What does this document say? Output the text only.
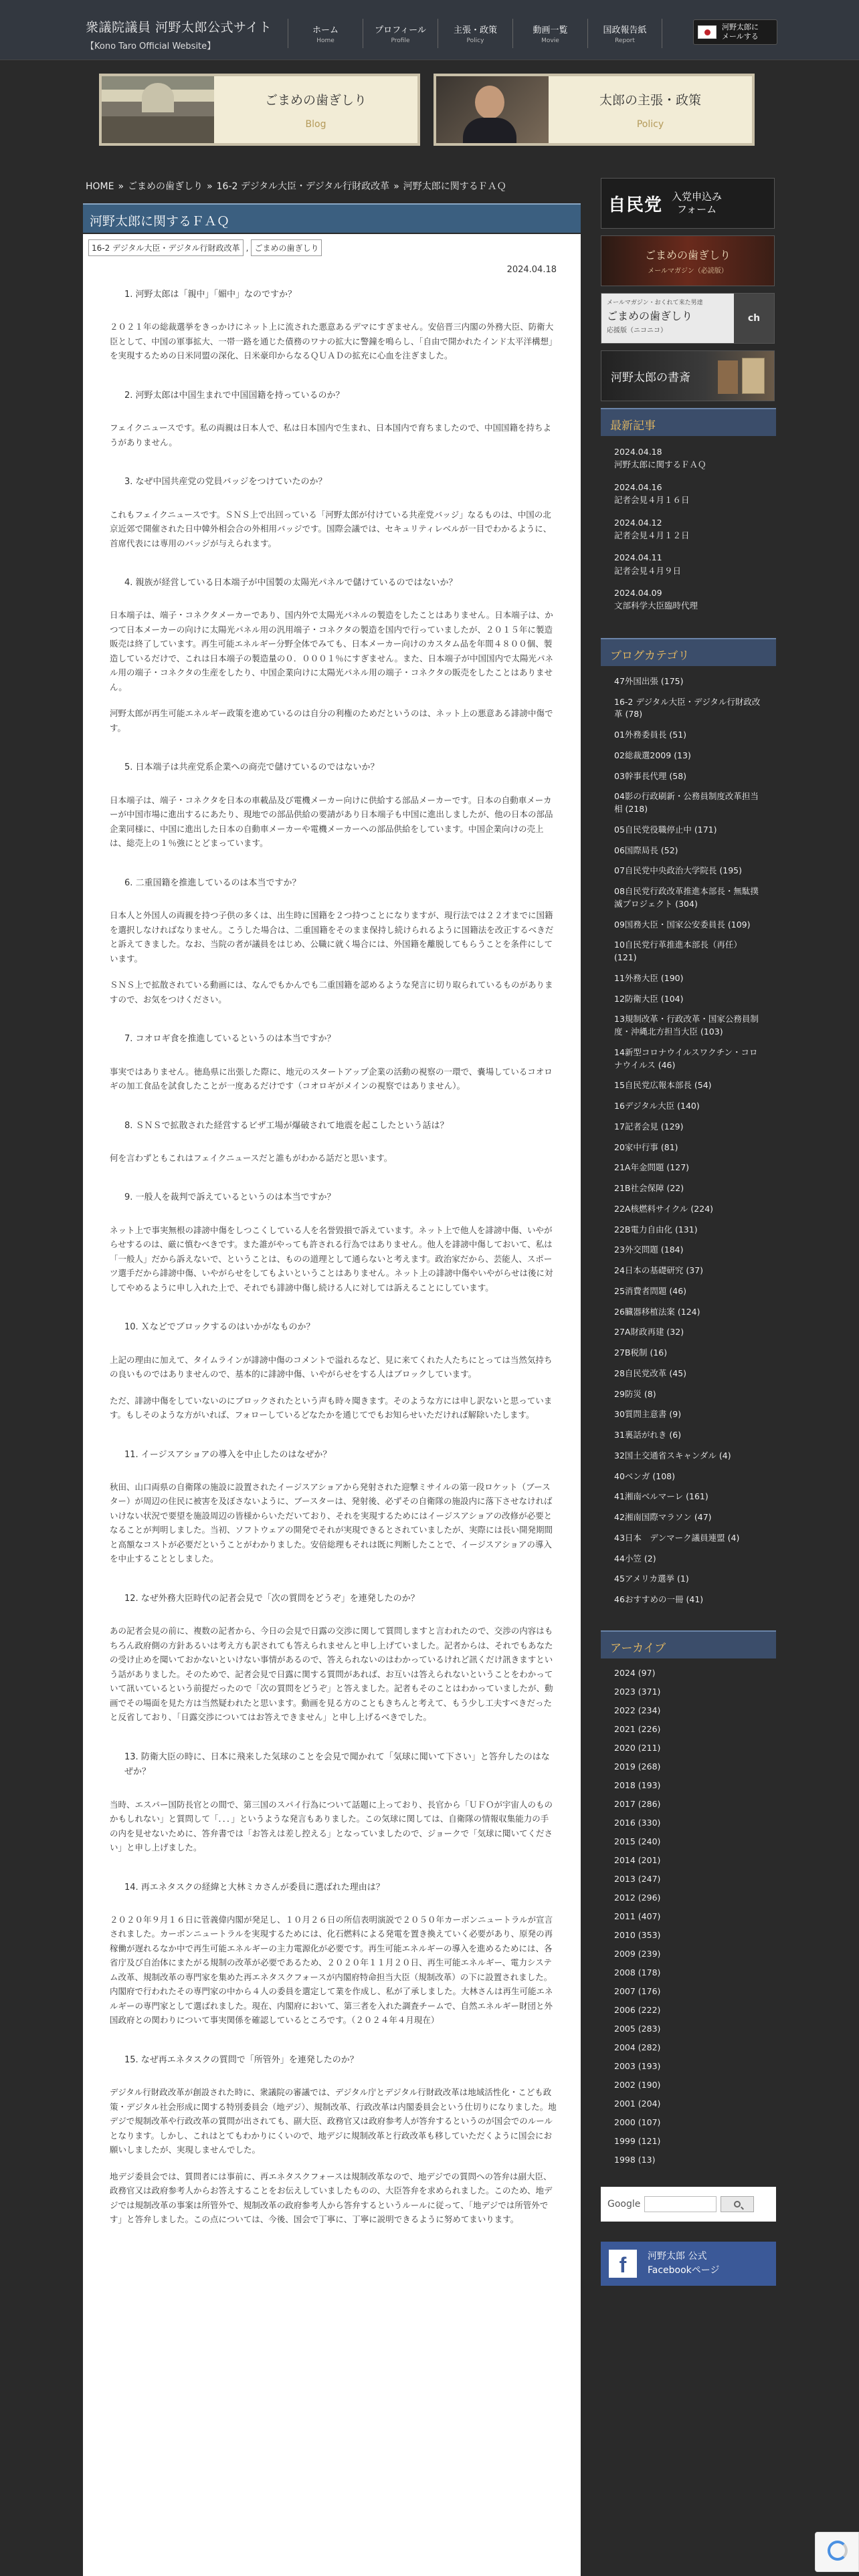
衆議院議員 河野太郎公式サイト
【Kono Taro Official Website】
ホーム
Home
プロフィール
Profile
主張・政策
Policy
動画一覧
Movie
国政報告紙
Report
河野太郎に
メールする
ごまめの歯ぎしり
Blog
太郎の主張・政策
Policy
HOME » ごまめの歯ぎしり » 16-2 デジタル大臣・デジタル行財政改革 » 河野太郎に関するＦＡＱ
河野太郎に関するＦＡＱ
16-2 デジタル大臣・デジタル行財政改革 , ごまめの歯ぎしり
2024.04.18
1. 河野太郎は「親中」「媚中」なのですか？

２０２１年の総裁選挙をきっかけにネット上に流された悪意あるデマにすぎません。安倍晋三内閣の外務大臣、防衛大臣として、中国の軍事拡大、一帯一路を通じた債務のワナの拡大に警鐘を鳴らし、「自由で開かれたインド太平洋構想」を実現するための日米同盟の深化、日米豪印からなるＱＵＡＤの拡充に心血を注ぎました。

2. 河野太郎は中国生まれで中国国籍を持っているのか？

フェイクニュースです。私の両親は日本人で、私は日本国内で生まれ、日本国内で育ちましたので、中国国籍を持ちようがありません。

3. なぜ中国共産党の党員バッジをつけていたのか？

これもフェイクニュースです。ＳＮＳ上で出回っている「河野太郎が付けている共産党バッジ」なるものは、中国の北京近郊で開催された日中韓外相会合の外相用バッジです。国際会議では、セキュリティレベルが一目でわかるように、首席代表には専用のバッジが与えられます。

4. 親族が経営している日本端子が中国製の太陽光パネルで儲けているのではないか？

日本端子は、端子・コネクタメーカーであり、国内外で太陽光パネルの製造をしたことはありません。日本端子は、かつて日本メーカーの向けに太陽光パネル用の汎用端子・コネクタの製造を国内で行っていましたが、２０１５年に製造販売は終了しています。再生可能エネルギー分野全体でみても、日本メーカー向けのカスタム品を年間４８００個、製造しているだけで、これは日本端子の製造量の０．０００１％にすぎません。また、日本端子が中国国内で太陽光パネル用の端子・コネクタの生産をしたり、中国企業向けに太陽光パネル用の端子・コネクタの販売をしたことはありません。

河野太郎が再生可能エネルギー政策を進めているのは自分の利権のためだというのは、ネット上の悪意ある誹謗中傷です。

5. 日本端子は共産党系企業への商売で儲けているのではないか？

日本端子は、端子・コネクタを日本の車載品及び電機メーカー向けに供給する部品メーカーです。日本の自動車メーカーが中国市場に進出するにあたり、現地での部品供給の要請があり日本端子も中国に進出しましたが、他の日本の部品企業同様に、中国に進出した日本の自動車メーカーや電機メーカーへの部品供給をしています。中国企業向けの売上は、総売上の１％強にとどまっています。

6. 二重国籍を推進しているのは本当ですか？

日本人と外国人の両親を持つ子供の多くは、出生時に国籍を２つ持つことになりますが、現行法では２２才までに国籍を選択しなければなりません。こうした場合は、二重国籍をそのまま保持し続けられるように国籍法を改正するべきだと訴えてきました。なお、当院の者が議員をはじめ、公職に就く場合には、外国籍を離脱してもらうことを条件にしています。

ＳＮＳ上で拡散されている動画には、なんでもかんでも二重国籍を認めるような発言に切り取られているものがありますので、お気をつけください。

7. コオロギ食を推進しているというのは本当ですか？

事実ではありません。徳島県に出張した際に、地元のスタートアップ企業の活動の視察の一環で、嚢場しているコオロギの加工食品を試食したことが一度あるだけです（コオロギがメインの視察ではありません）。

8. ＳＮＳで拡散された経営するビザ工場が爆破されて地震を起こしたという話は？

何を言わずともこれはフェイクニュースだと誰もがわかる話だと思います。

9. 一般人を裁判で訴えているというのは本当ですか？

ネット上で事実無根の誹謗中傷をしつこくしている人を名誉毀損で訴えています。ネット上で他人を誹謗中傷、いやがらせするのは、厳に慎むべきです。また誰がやっても許される行為ではありません。他人を誹謗中傷しておいて、私は「一般人」だから訴えないで、ということは、ものの道理として通らないと考えます。政治家だから、芸能人、スポーツ選手だから誹謗中傷、いやがらせをしてもよいということはありません。ネット上の誹謗中傷やいやがらせは後に対してやめるように申し入れた上で、それでも誹謗中傷し続ける人に対しては訴えることにしています。

10. Ｘなどでブロックするのはいかがなものか？

上記の理由に加えて、タイムラインが誹謗中傷のコメントで溢れるなど、見に来てくれた人たちにとっては当然気持ちの良いものではありませんので、基本的に誹謗中傷、いやがらせをする人はブロックしています。

ただ、誹謗中傷をしていないのにブロックされたという声も時々聞きます。そのような方には申し訳ないと思っています。もしそのような方がいれば、フォローしているどなたかを通じてでもお知らせいただければ解除いたします。

11. イージスアショアの導入を中止したのはなぜか？

秋田、山口両県の自衛隊の施設に設置されたイージスアショアから発射された迎撃ミサイルの第一段ロケット（ブースター）が周辺の住民に被害を及ぼさないように、ブースターは、発射後、必ずその自衛隊の施設内に落下させなければいけない状況で要望を施設周辺の皆様からいただいており、それを実現するためにはイージスアショアの改修が必要となることが判明しました。当初、ソフトウェアの開発でそれが実現できるとされていましたが、実際には長い開発期間と高額なコストが必要だということがわかりました。安倍総理もそれは既に判断したことで、イージスアショアの導入を中止することとしました。

12. なぜ外務大臣時代の記者会見で「次の質問をどうぞ」を連発したのか？

あの記者会見の前に、複数の記者から、今日の会見で日露の交渉に関して質問しますと言われたので、交渉の内容はもちろん政府側の方針あるいは考え方も訳されても答えられませんと申し上げていました。記者からは、それでもあなたの受け止めを聞いておかないといけない事情があるので、答えられないのはわかっているけれど訊くだけ訊きますという話がありました。そのためで、記者会見で日露に関する質問があれば、お互いは答えられないということをわかっていて訊いているという前提だったので「次の質問をどうぞ」と答えました。記者もそのことはわかっていましたが、動画でその場面を見た方は当然疑われたと思います。動画を見る方のこともきちんと考えて、もう少し工夫すべきだったと反省しており、「日露交渉についてはお答えできません」と申し上げるべきでした。

13. 防衛大臣の時に、日本に飛来した気球のことを会見で聞かれて「気球に聞いて下さい」と答弁したのはなぜか？

当時、エスパー国防長官との間で、第三国のスパイ行為について話題に上っており、長官から「ＵＦＯが宇宙人のものかもしれない」と質問して「．．．」というような発言もありました。この気球に関しては、自衛隊の情報収集能力の手の内を見せないために、答弁書では「お答えは差し控える」となっていましたので、ジョークで「気球に聞いてください」と申し上げました。

14. 再エネタスクの経緯と大林ミカさんが委員に選ばれた理由は？

２０２０年９月１６日に菅義偉内閣が発足し、１０月２６日の所信表明演説で２０５０年カーボンニュートラルが宣言されました。カーボンニュートラルを実現するためには、化石燃料による発電を置き換えていく必要があり、原発の再稼働が遅れるなか中で再生可能エネルギーの主力電源化が必要です。再生可能エネルギーの導入を進めるためには、各省庁及び自治体にまたがる規制の改革が必要であるため、２０２０年１１月２０日、再生可能エネルギー、電力システム改革、規制改革の専門家を集めた再エネタスクフォースが内閣府特命担当大臣（規制改革）の下に設置されました。内閣府で行われたその専門家の中から４人の委員を選定して業を作成し、私が了承しました。大林さんは再生可能エネルギーの専門家として選ばれました。現在、内閣府において、第三者を入れた調査チームで、自然エネルギー財団と外国政府との関わりについて事実関係を確認しているところです。（２０２４年４月現在）

15. なぜ再エネタスクの質問で「所管外」を連発したのか？

デジタル行財政改革が創設された時に、衆議院の審議では、デジタル庁とデジタル行財政改革は地域活性化・こども政策・デジタル社会形成に関する特別委員会（地デジ）、規制改革、行政改革は内閣委員会という仕切りになりました。地デジで規制改革や行政改革の質問が出されても、副大臣、政務官又は政府参考人が答弁するというのが国会でのルールとなります。しかし、これはとてもわかりにくいので、地デジに規制改革と行政改革も移していただくように国会にお願いしましたが、実現しませんでした。

地デジ委員会では、質問者には事前に、再エネタスクフォースは規制改革なので、地デジでの質問への答弁は副大臣、政務官又は政府参考人からお答えすることをお伝えしていましたものの、大臣答弁を求められました。このため、地デジでは規制改革の事案は所管外で、規制改革の政府参考人から答弁するというルールに従って、「地デジでは所管外です」と答弁しました。この点については、今後、国会で丁寧に、丁寧に説明できるように努めてまいります。

自民党 入党申込み
フォーム
ごまめの歯ぎしり
メールマガジン（必読版）
メールマガジン・おくれて来た男達
ごまめの歯ぎしり
応援版（ニコニコ）
ch
河野太郎の書斎
最新記事
2024.04.18
河野太郎に関するＦＡＱ
2024.04.16
記者会見４月１６日
2024.04.12
記者会見４月１２日
2024.04.11
記者会見４月９日
2024.04.09
文部科学大臣臨時代理
ブログカテゴリ
47外国出張 (175)
16-2 デジタル大臣・デジタル行財政改革 (78)
01外務委員長 (51)
02総裁選2009 (13)
03幹事長代理 (58)
04影の行政刷新・公務員制度改革担当相 (218)
05自民党役職停止中 (171)
06国際局長 (52)
07自民党中央政治大学院長 (195)
08自民党行政改革推進本部長・無駄撲滅プロジェクト (304)
09国務大臣・国家公安委員長 (109)
10自民党行革推進本部長（再任）(121)
11外務大臣 (190)
12防衛大臣 (104)
13規制改革・行政改革・国家公務員制度・沖縄北方担当大臣 (103)
14新型コロナウイルスワクチン・コロナウイルス (46)
15自民党広報本部長 (54)
16デジタル大臣 (140)
17記者会見 (129)
20家中行事 (81)
21A年金問題 (127)
21B社会保障 (22)
22A核燃料サイクル (224)
22B電力自由化 (131)
23外交問題 (184)
24日本の基礎研究 (37)
25消費者問題 (46)
26臓器移植法案 (124)
27A財政再建 (32)
27B税制 (16)
28自民党改革 (45)
29防災 (8)
30質問主意書 (9)
31裏話がれき (6)
32国土交通省スキャンダル (4)
40ベンガ (108)
41湘南ベルマーレ (161)
42湘南国際マラソン (47)
43日本　デンマーク議員連盟 (4)
44小笠 (2)
45アメリカ選挙 (1)
46おすすめの一冊 (41)
アーカイブ
2024 (97)
2023 (371)
2022 (234)
2021 (226)
2020 (211)
2019 (268)
2018 (193)
2017 (286)
2016 (330)
2015 (240)
2014 (201)
2013 (247)
2012 (296)
2011 (407)
2010 (353)
2009 (239)
2008 (178)
2007 (176)
2006 (222)
2005 (283)
2004 (282)
2003 (193)
2002 (190)
2001 (204)
2000 (107)
1999 (121)
1998 (13)
Google
f	河野太郎 公式
Facebookページ
